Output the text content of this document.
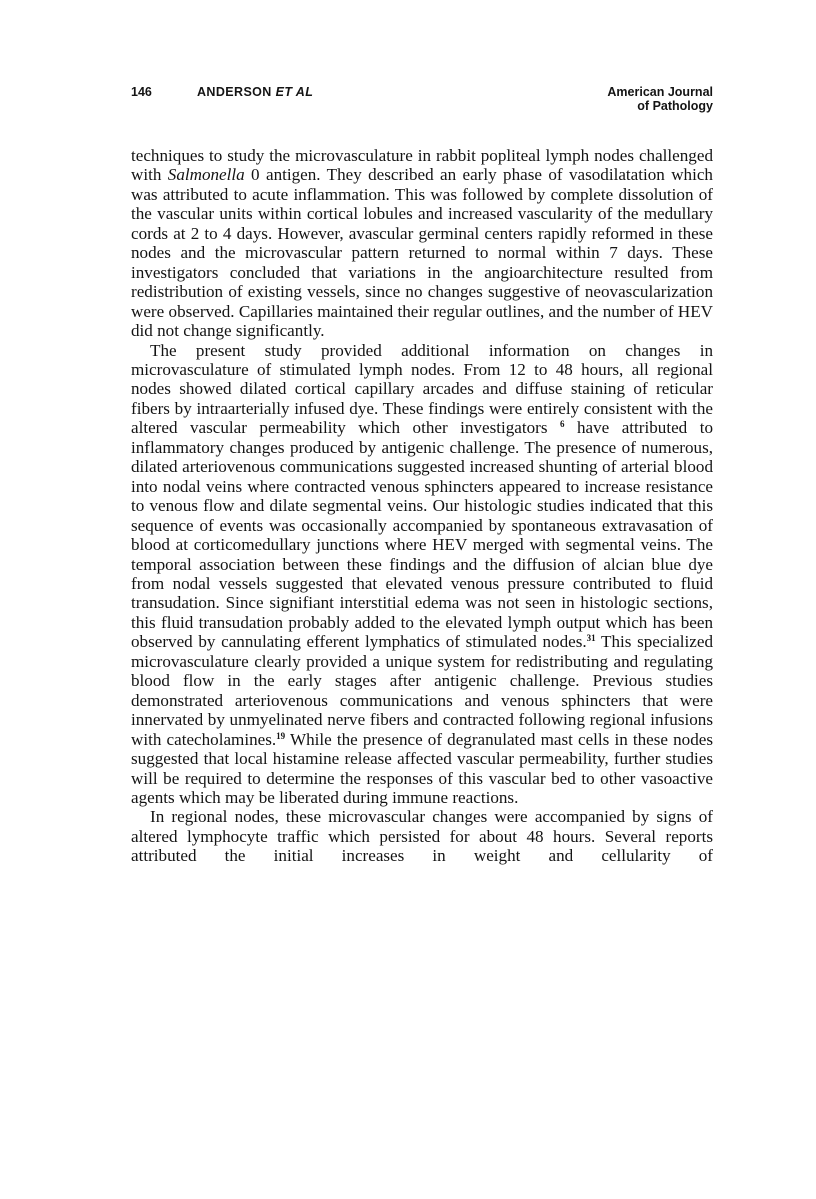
146	ANDERSON ET AL	American Journal
of Pathology

techniques to study the microvasculature in rabbit popliteal lymph nodes challenged with Salmonella 0 antigen. They described an early phase of vasodilatation which was attributed to acute inflammation. This was followed by complete dissolution of the vascular units within cortical lobules and increased vascularity of the medullary cords at 2 to 4 days. However, avascular germinal centers rapidly reformed in these nodes and the microvascular pattern returned to normal within 7 days. These investigators concluded that variations in the angioarchitecture resulted from redistribution of existing vessels, since no changes suggestive of neovascularization were observed. Capillaries maintained their regular outlines, and the number of HEV did not change significantly.

The present study provided additional information on changes in microvasculature of stimulated lymph nodes. From 12 to 48 hours, all regional nodes showed dilated cortical capillary arcades and diffuse staining of reticular fibers by intraarterially infused dye. These findings were entirely consistent with the altered vascular permeability which other investigators $^6$ have attributed to inflammatory changes produced by antigenic challenge. The presence of numerous, dilated arteriovenous communications suggested increased shunting of arterial blood into nodal veins where contracted venous sphincters appeared to increase resistance to venous flow and dilate segmental veins. Our histologic studies indicated that this sequence of events was occasionally accompanied by spontaneous extravasation of blood at corticomedullary junctions where HEV merged with segmental veins. The temporal association between these findings and the diffusion of alcian blue dye from nodal vessels suggested that elevated venous pressure contributed to fluid transudation. Since signifiant interstitial edema was not seen in histologic sections, this fluid transudation probably added to the elevated lymph output which has been observed by cannulating efferent lymphatics of stimulated nodes.$^{31}$ This specialized microvasculature clearly provided a unique system for redistributing and regulating blood flow in the early stages after antigenic challenge. Previous studies demonstrated arteriovenous communications and venous sphincters that were innervated by unmyelinated nerve fibers and contracted following regional infusions with catecholamines.$^{19}$ While the presence of degranulated mast cells in these nodes suggested that local histamine release affected vascular permeability, further studies will be required to determine the responses of this vascular bed to other vasoactive agents which may be liberated during immune reactions.

In regional nodes, these microvascular changes were accompanied by signs of altered lymphocyte traffic which persisted for about 48 hours. Several reports attributed the initial increases in weight and cellularity of
